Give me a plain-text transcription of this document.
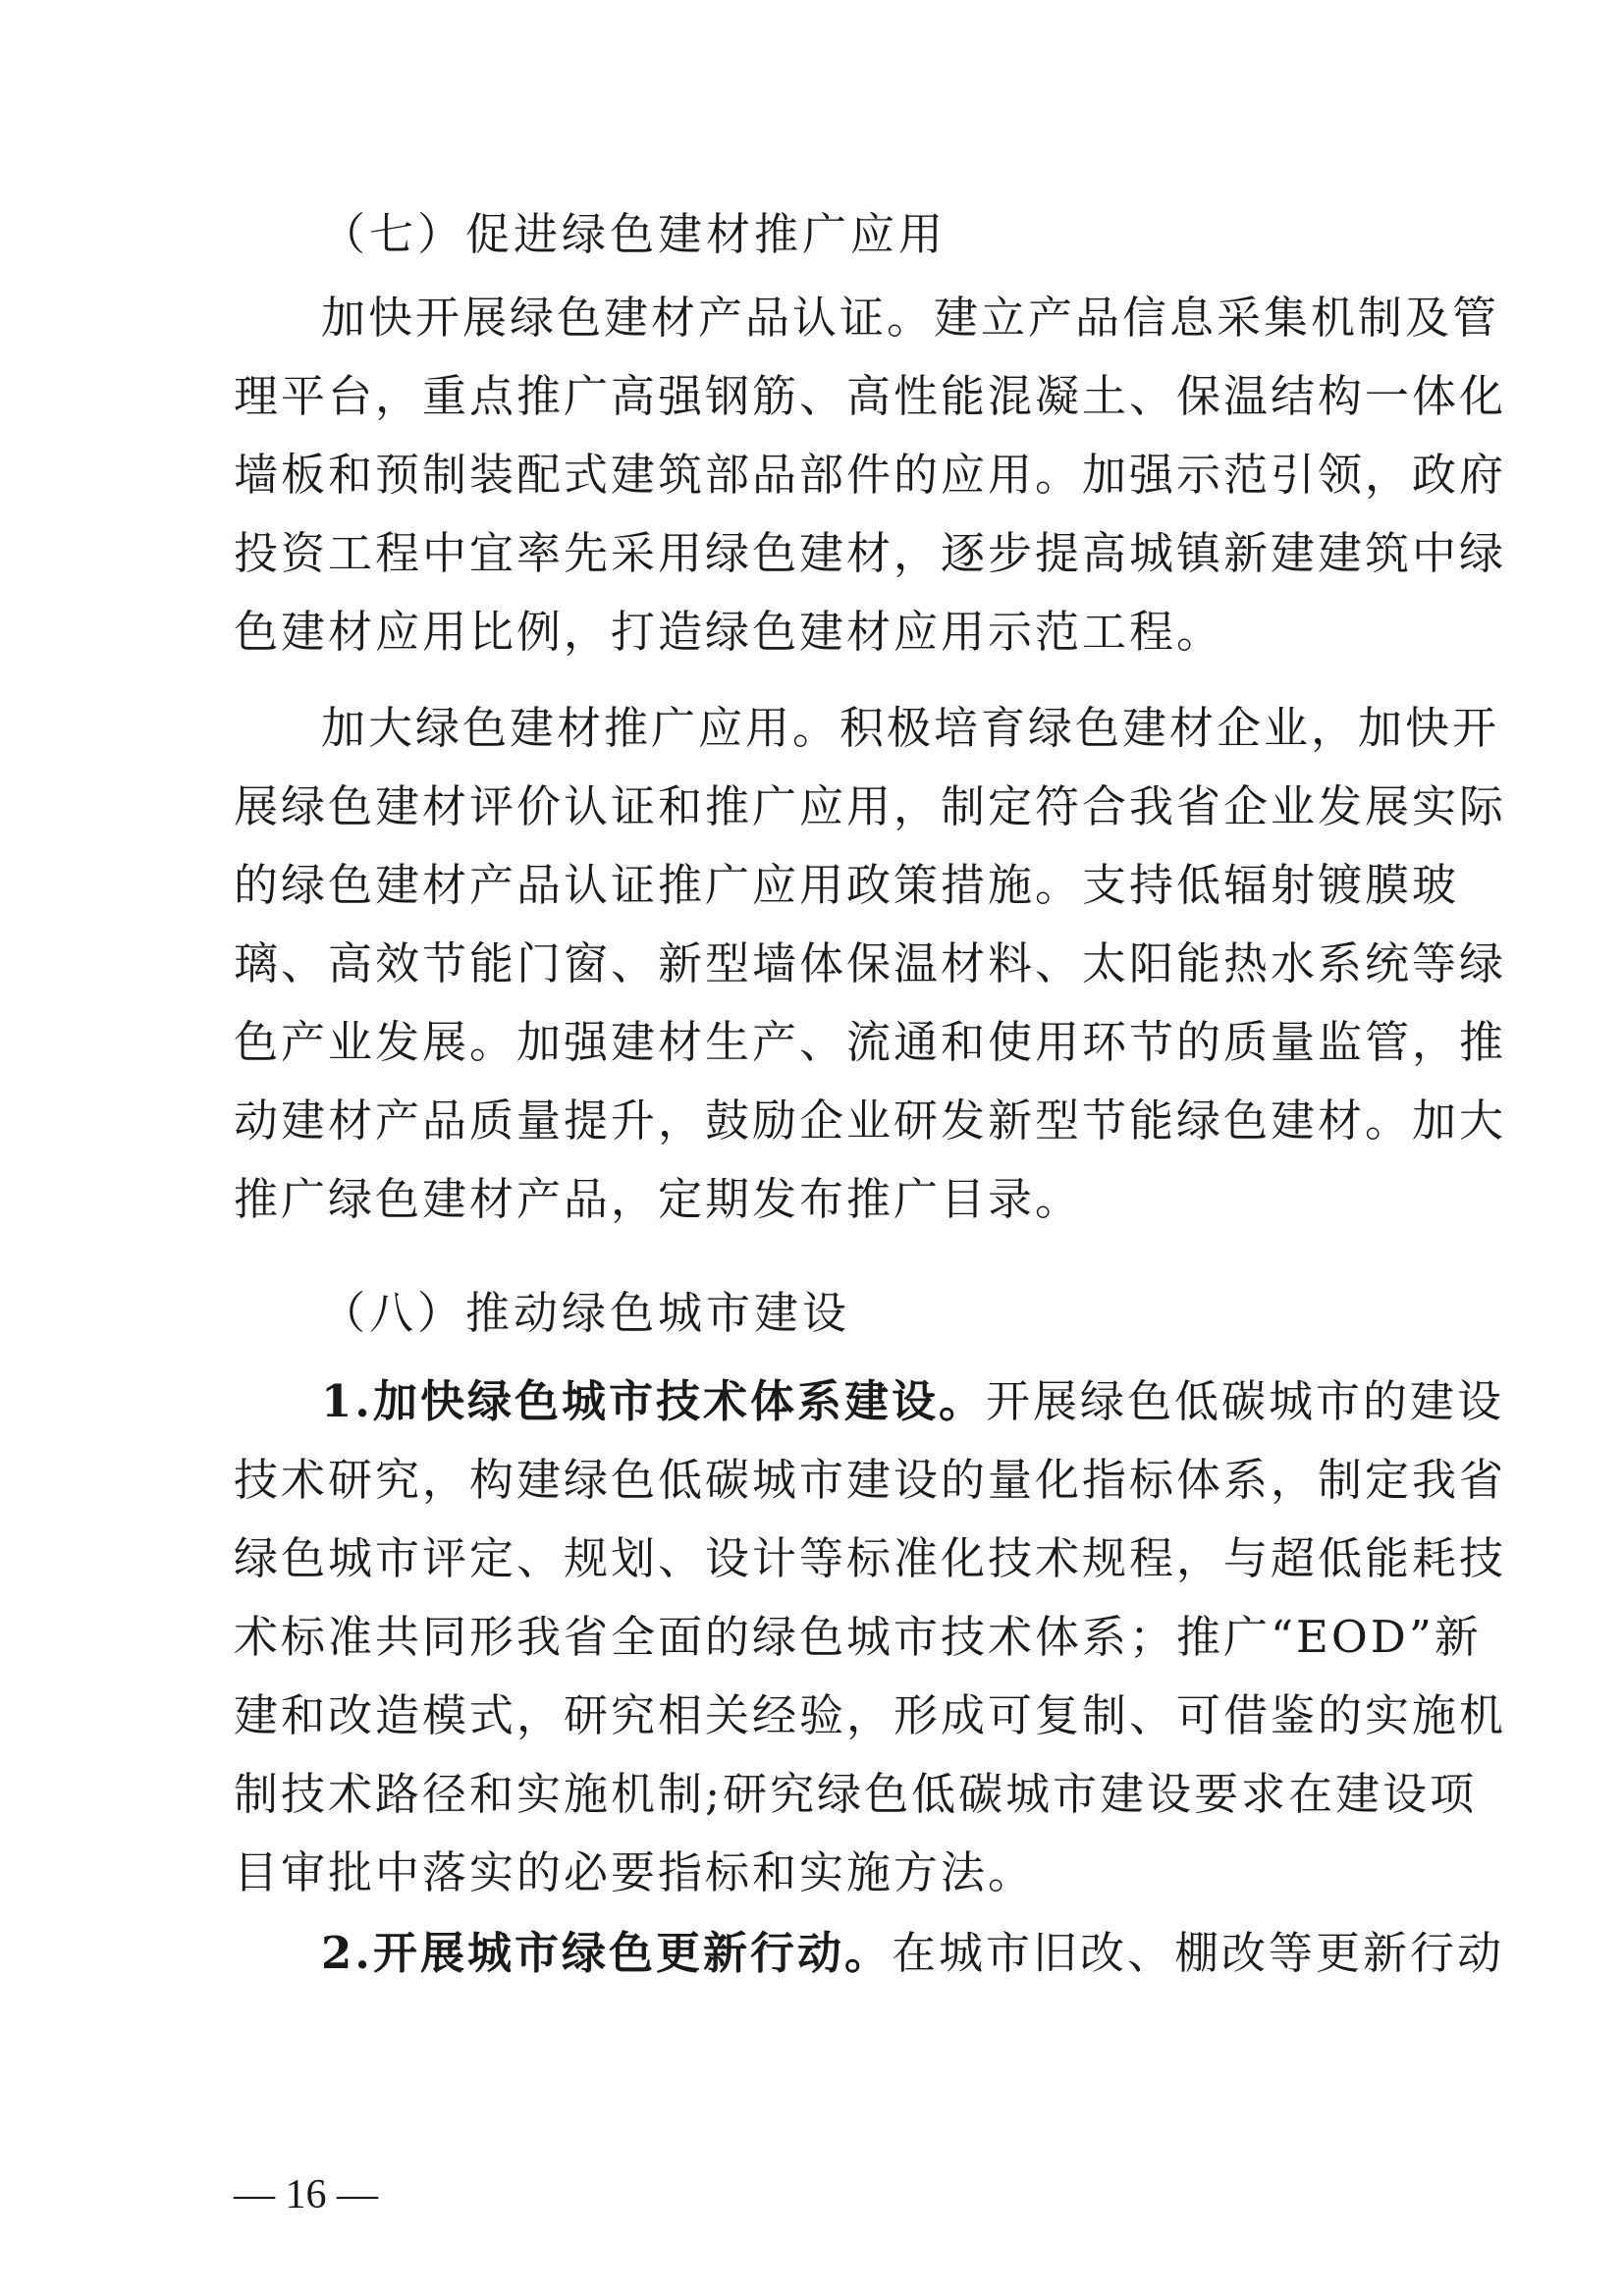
（七）促进绿色建材推广应用
加快开展绿色建材产品认证。建立产品信息采集机制及管
理平台，重点推广高强钢筋、高性能混凝土、保温结构一体化
墙板和预制装配式建筑部品部件的应用。加强示范引领，政府
投资工程中宜率先采用绿色建材，逐步提高城镇新建建筑中绿
色建材应用比例，打造绿色建材应用示范工程。
加大绿色建材推广应用。积极培育绿色建材企业，加快开
展绿色建材评价认证和推广应用，制定符合我省企业发展实际
的绿色建材产品认证推广应用政策措施。支持低辐射镀膜玻
璃、高效节能门窗、新型墙体保温材料、太阳能热水系统等绿
色产业发展。加强建材生产、流通和使用环节的质量监管，推
动建材产品质量提升，鼓励企业研发新型节能绿色建材。加大
推广绿色建材产品，定期发布推广目录。
（八）推动绿色城市建设
1.加快绿色城市技术体系建设。开展绿色低碳城市的建设
技术研究，构建绿色低碳城市建设的量化指标体系，制定我省
绿色城市评定、规划、设计等标准化技术规程，与超低能耗技
术标准共同形我省全面的绿色城市技术体系；推广“EOD”新
建和改造模式，研究相关经验，形成可复制、可借鉴的实施机
制技术路径和实施机制;研究绿色低碳城市建设要求在建设项
目审批中落实的必要指标和实施方法。
2.开展城市绿色更新行动。在城市旧改、棚改等更新行动
— 16 —
